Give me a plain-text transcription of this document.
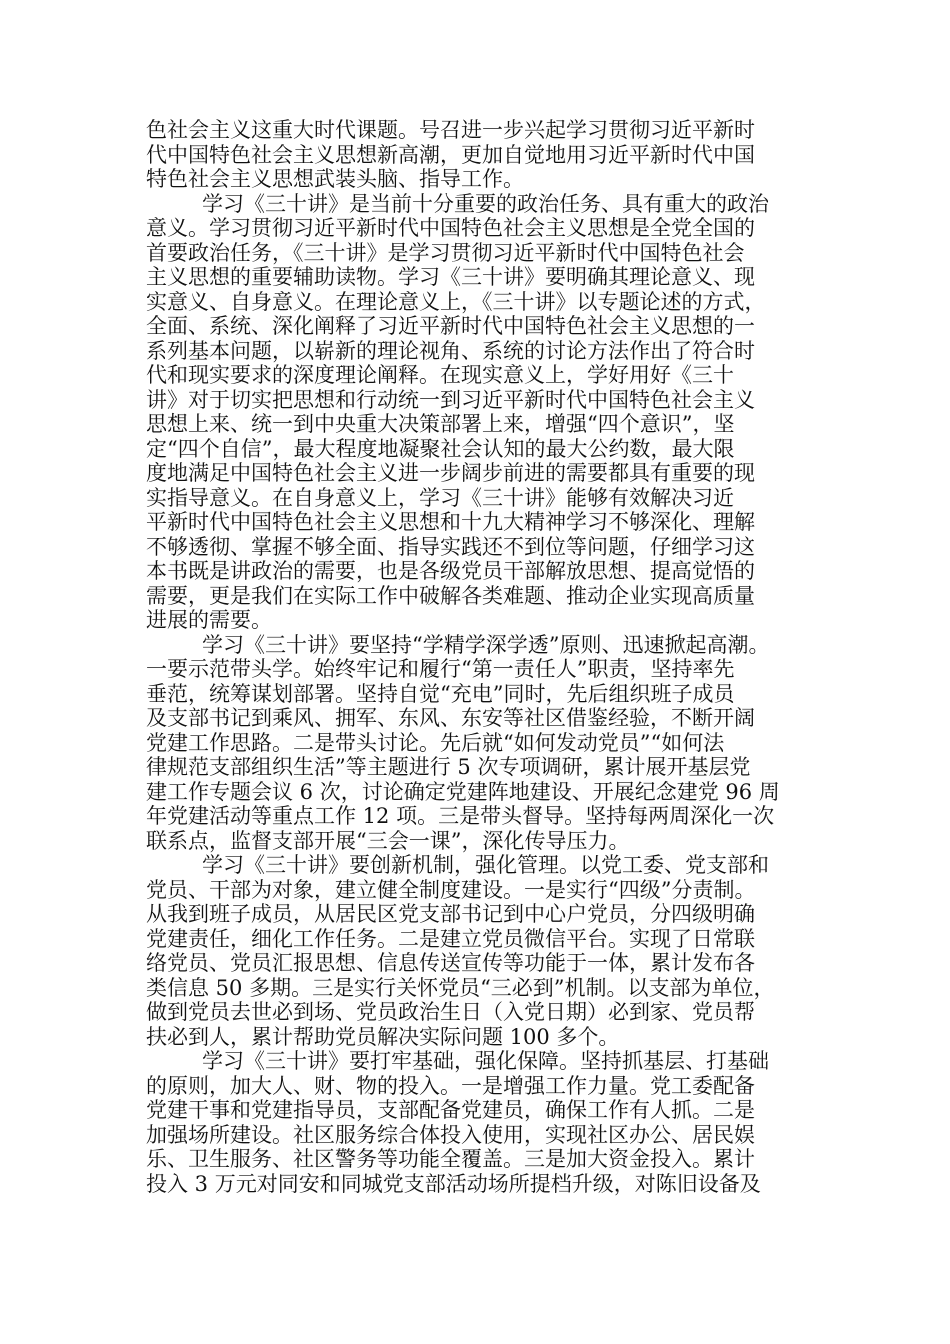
色社会主义这重大时代课题。号召进一步兴起学习贯彻习近平新时
代中国特色社会主义思想新高潮，更加自觉地用习近平新时代中国
特色社会主义思想武装头脑、指导工作。
学习《三十讲》是当前十分重要的政治任务、具有重大的政治
意义。学习贯彻习近平新时代中国特色社会主义思想是全党全国的
首要政治任务，《三十讲》是学习贯彻习近平新时代中国特色社会
主义思想的重要辅助读物。学习《三十讲》要明确其理论意义、现
实意义、自身意义。在理论意义上，《三十讲》以专题论述的方式，
全面、系统、深化阐释了习近平新时代中国特色社会主义思想的一
系列基本问题，以崭新的理论视角、系统的讨论方法作出了符合时
代和现实要求的深度理论阐释。在现实意义上，学好用好《三十
讲》对于切实把思想和行动统一到习近平新时代中国特色社会主义
思想上来、统一到中央重大决策部署上来，增强“四个意识”，坚
定“四个自信”，最大程度地凝聚社会认知的最大公约数，最大限
度地满足中国特色社会主义进一步阔步前进的需要都具有重要的现
实指导意义。在自身意义上，学习《三十讲》能够有效解决习近
平新时代中国特色社会主义思想和十九大精神学习不够深化、理解
不够透彻、掌握不够全面、指导实践还不到位等问题，仔细学习这
本书既是讲政治的需要，也是各级党员干部解放思想、提高觉悟的
需要，更是我们在实际工作中破解各类难题、推动企业实现高质量
进展的需要。
学习《三十讲》要坚持“学精学深学透”原则、迅速掀起高潮。
一要示范带头学。始终牢记和履行“第一责任人”职责，坚持率先
垂范，统筹谋划部署。坚持自觉“充电”同时，先后组织班子成员
及支部书记到乘风、拥军、东风、东安等社区借鉴经验，不断开阔
党建工作思路。二是带头讨论。先后就“如何发动党员”“如何法
律规范支部组织生活”等主题进行 5 次专项调研，累计展开基层党
建工作专题会议 6 次，讨论确定党建阵地建设、开展纪念建党 96 周
年党建活动等重点工作 12 项。三是带头督导。坚持每两周深化一次
联系点，监督支部开展“三会一课”，深化传导压力。
学习《三十讲》要创新机制，强化管理。以党工委、党支部和
党员、干部为对象，建立健全制度建设。一是实行“四级”分责制。
从我到班子成员，从居民区党支部书记到中心户党员，分四级明确
党建责任，细化工作任务。二是建立党员微信平台。实现了日常联
络党员、党员汇报思想、信息传送宣传等功能于一体，累计发布各
类信息 50 多期。三是实行关怀党员“三必到”机制。以支部为单位，
做到党员去世必到场、党员政治生日（入党日期）必到家、党员帮
扶必到人，累计帮助党员解决实际问题 100 多个。
学习《三十讲》要打牢基础，强化保障。坚持抓基层、打基础
的原则，加大人、财、物的投入。一是增强工作力量。党工委配备
党建干事和党建指导员，支部配备党建员，确保工作有人抓。二是
加强场所建设。社区服务综合体投入使用，实现社区办公、居民娱
乐、卫生服务、社区警务等功能全覆盖。三是加大资金投入。累计
投入 3 万元对同安和同城党支部活动场所提档升级，对陈旧设备及
